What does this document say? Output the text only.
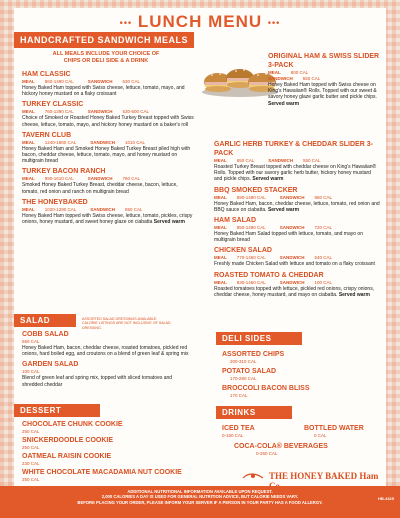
••• LUNCH MENU •••
HANDCRAFTED SANDWICH MEALS
ALL MEALS INCLUDE YOUR CHOICE OF
CHIPS OR DELI SIDE & A DRINK
HAM CLASSIC
MEAL 860-1490 CAL	SANDWICH 630 CAL
Honey Baked Ham topped with Swiss cheese, lettuce, tomato, mayo, and hickory honey mustard on a flaky croissant
TURKEY CLASSIC
MEAL 760-1390 CAL	SANDWICH 530-600 CAL
Choice of Smoked or Roasted Honey Baked Turkey Breast topped with Swiss cheese, lettuce, tomato, mayo, and hickory honey mustard on a baker's roll
TAVERN CLUB
MEAL 1240-1880 CAL	SANDWICH 1010 CAL
Honey Baked Ham and Smoked Honey Baked Turkey Breast piled high with bacon, cheddar cheese, lettuce, tomato, mayo, and honey mustard on multigrain bread
TURKEY BACON RANCH
MEAL 990-1610 CAL	SANDWICH 760 CAL
Smoked Honey Baked Turkey Breast, cheddar cheese, bacon, lettuce, tomato, red onion and ranch on multigrain bread
THE HONEYBAKED
MEAL 1020-1290 CAL	SANDWICH 850 CAL
Honey Baked Ham topped with Swiss cheese, lettuce, tomato, pickles, crispy onions, honey mustard, and sweet honey glaze on ciabatta Served warm
ORIGINAL HAM & SWISS SLIDER 3-PACK
MEAL 800 CAL
SANDWICH 550 CAL
Honey Baked Ham topped with Swiss cheese on King's Hawaiian® Rolls. Topped with our sweet & savory honey glaze garlic butter and pickle chips. Served warm
GARLIC HERB TURKEY & CHEDDAR SLIDER 3-PACK
MEAL 650 CAL	SANDWICH 550 CAL
Roasted Turkey Breast topped with cheddar cheese on King's Hawaiian® Rolls. Topped with our savory garlic herb butter, hickory honey mustard and pickle chips. Served warm
BBQ SMOKED STACKER
MEAL 890-1480 CAL	SANDWICH 860 CAL
Honey Baked Ham, bacon, cheddar cheese, lettuce, tomato, red onion and BBQ sauce on ciabatta. Served warm
HAM SALAD
MEAL 950-1490 CAL	SANDWICH 720 CAL
Honey Baked Ham Salad topped with lettuce, tomato, and mayo on multigrain bread
CHICKEN SALAD
MEAL 770-1460 CAL	SANDWICH 540 CAL
Freshly made Chicken Salad with lettuce and tomato on a flaky croissant
ROASTED TOMATO & CHEDDAR
MEAL 830-1460 CAL	SANDWICH 100 CAL
Roasted tomatoes topped with lettuce, pickled red onions, crispy onions, cheddar cheese, honey mustard, and mayo on ciabatta. Served warm
SALAD	ASSORTED SALAD DRESSINGS AVAILABLE.
CALORIE LISTINGS ARE NOT INCLUSIVE OF SALAD DRESSING.
COBB SALAD
560 CAL
Honey Baked Ham, bacon, cheddar cheese, roasted tomatoes, pickled red onions, hard boiled egg, and croutons on a blend of green leaf & spring mix
GARDEN SALAD
100 CAL
Blend of green leaf and spring mix, topped with sliced tomatoes and shredded cheddar
DESSERT
CHOCOLATE CHUNK COOKIE
250 CAL
SNICKERDOODLE COOKIE
250 CAL
OATMEAL RAISIN COOKIE
230 CAL
WHITE CHOCOLATE MACADAMIA NUT COOKIE
250 CAL
DELI SIDES
ASSORTED CHIPS
200-310 CAL
POTATO SALAD
170-280 CAL
BROCCOLI BACON BLISS
170 CAL
DRINKS
ICED TEA
0-150 CAL
BOTTLED WATER
0 CAL
COCA-COLA® BEVERAGES
0-250 CAL
THE HONEY BAKED Ham
ADDITIONAL NUTRITIONAL INFORMATION AVAILABLE UPON REQUEST.
2,000 CALORIES A DAY IS USED FOR GENERAL NUTRITION ADVICE, BUT CALORIE NEEDS VARY.
BEFORE PLACING YOUR ORDER, PLEASE INFORM YOUR SERVER IF A PERSON IN YOUR PARTY HAS A FOOD ALLERGY.
HB-4325
